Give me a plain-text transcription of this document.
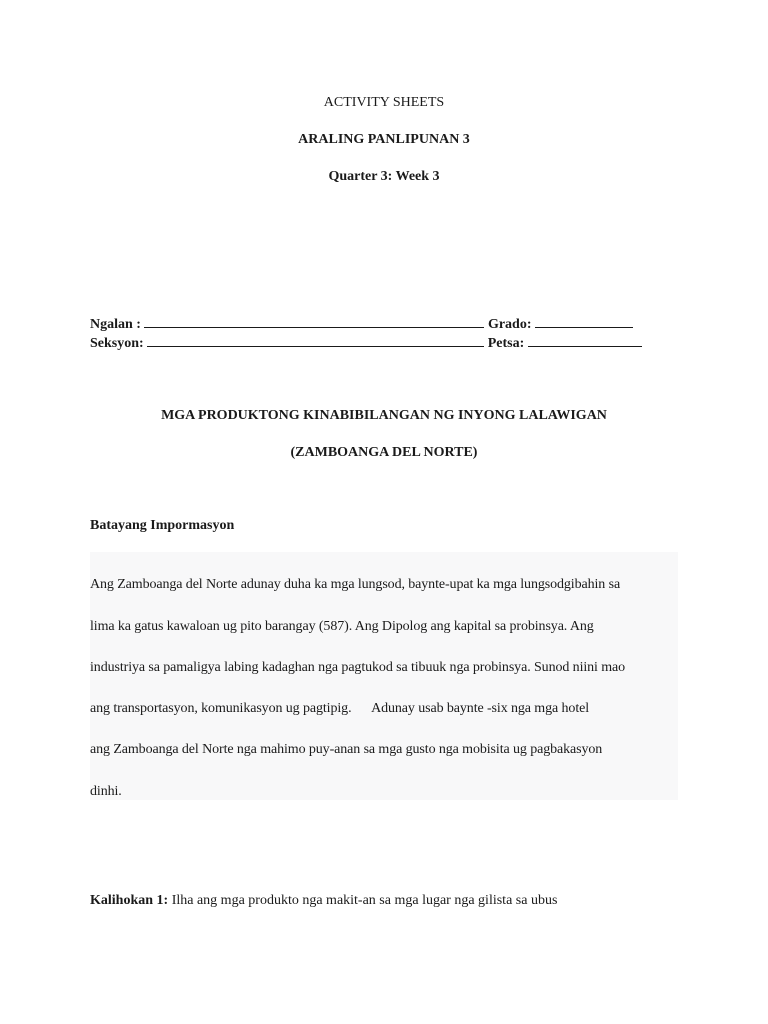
ACTIVITY SHEETS
ARALING PANLIPUNAN 3
Quarter 3: Week 3
Ngalan :	Grado:
Seksyon:	Petsa:
MGA PRODUKTONG KINABIBILANGAN NG INYONG LALAWIGAN
(ZAMBOANGA DEL NORTE)
Batayang Impormasyon
Ang Zamboanga del Norte adunay duha ka mga lungsod, baynte-upat ka mga lungsodgibahin sa
lima ka gatus kawaloan ug pito barangay (587). Ang Dipolog ang kapital sa probinsya. Ang
industriya sa pamaligya labing kadaghan nga pagtukod sa tibuuk nga probinsya. Sunod niini mao
ang transportasyon, komunikasyon ug pagtipig.      Adunay usab baynte -six nga mga hotel
ang Zamboanga del Norte nga mahimo puy-anan sa mga gusto nga mobisita ug pagbakasyon
dinhi.
Kalihokan 1: Ilha ang mga produkto nga makit-an sa mga lugar nga gilista sa ubus
